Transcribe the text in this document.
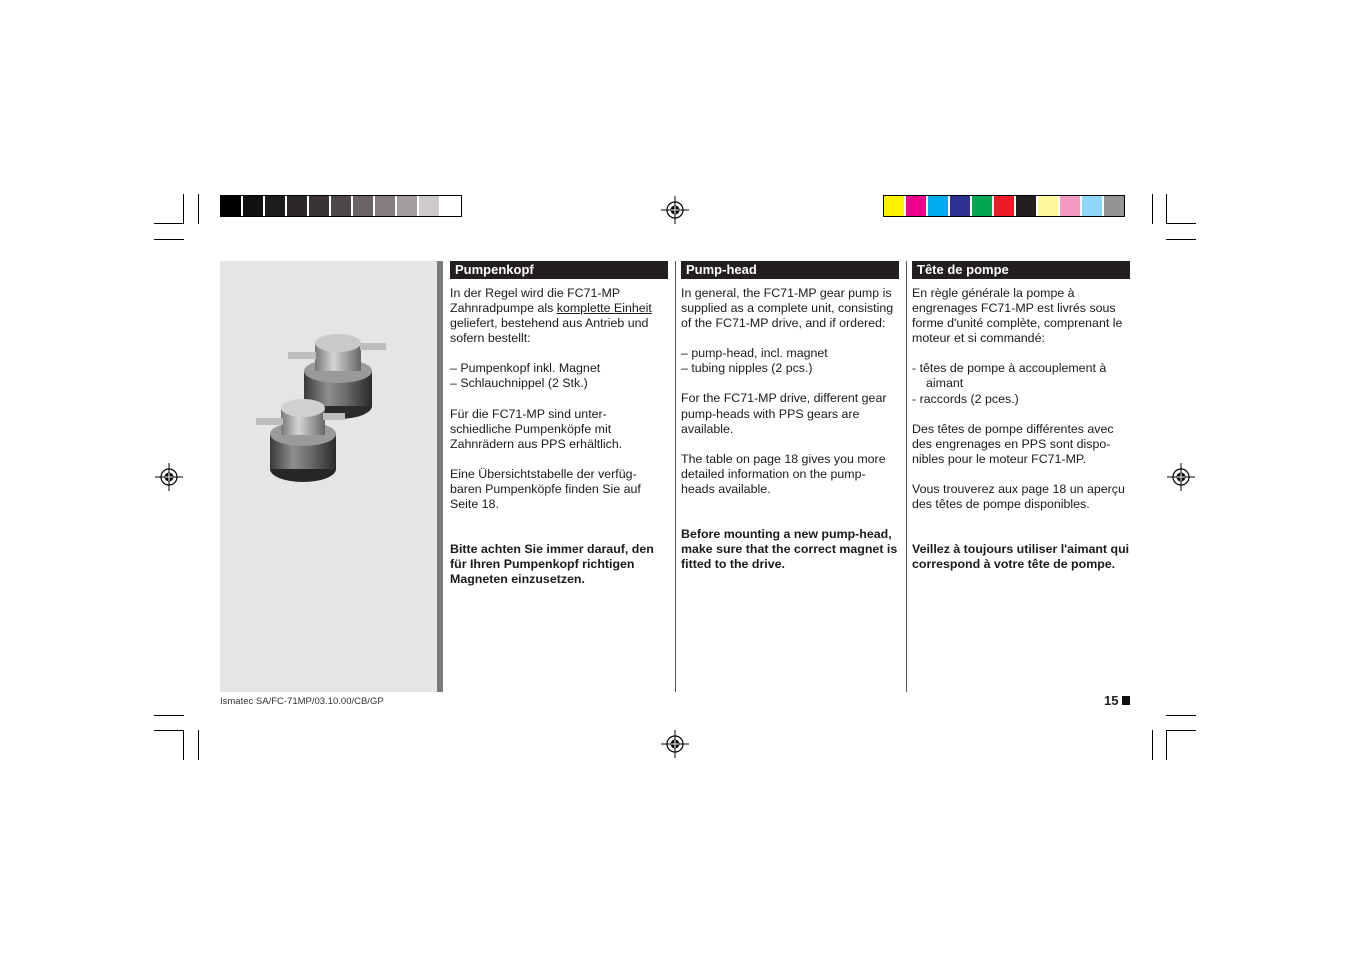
Pumpenkopf

In der Regel wird die FC71-MP Zahnradpumpe als komplette Einheit geliefert, bestehend aus Antrieb und sofern bestellt:

– Pumpenkopf inkl. Magnet
– Schlauchnippel (2 Stk.)

Für die FC71-MP sind unter-schiedliche Pumpenköpfe mit Zahnrädern aus PPS erhältlich.

Eine Übersichtstabelle der verfüg-baren Pumpenköpfe finden Sie auf Seite 18.

Bitte achten Sie immer darauf, den für Ihren Pumpenkopf richtigen Magneten einzusetzen.

Pump-head

In general, the FC71-MP gear pump is supplied as a complete unit, consisting of the FC71-MP drive, and if ordered:

– pump-head, incl. magnet
– tubing nipples (2 pcs.)

For the FC71-MP drive, different gear pump-heads with PPS gears are available.

The table on page 18 gives you more detailed information on the pump-heads available.

Before mounting a new pump-head, make sure that the correct magnet is fitted to the drive.

Tête de pompe

En règle générale la pompe à engrenages FC71-MP est livrés sous forme d'unité complète, comprenant le moteur et si commandé:

- têtes de pompe à accouplement à aimant
- raccords (2 pces.)

Des têtes de pompe différentes avec des engrenages en PPS sont dispo-nibles pour le moteur FC71-MP.

Vous trouverez aux page 18 un aperçu des têtes de pompe disponibles.

Veillez à toujours utiliser l'aimant qui correspond à votre tête de pompe.

Ismatec SA/FC-71MP/03.10.00/CB/GP	15
